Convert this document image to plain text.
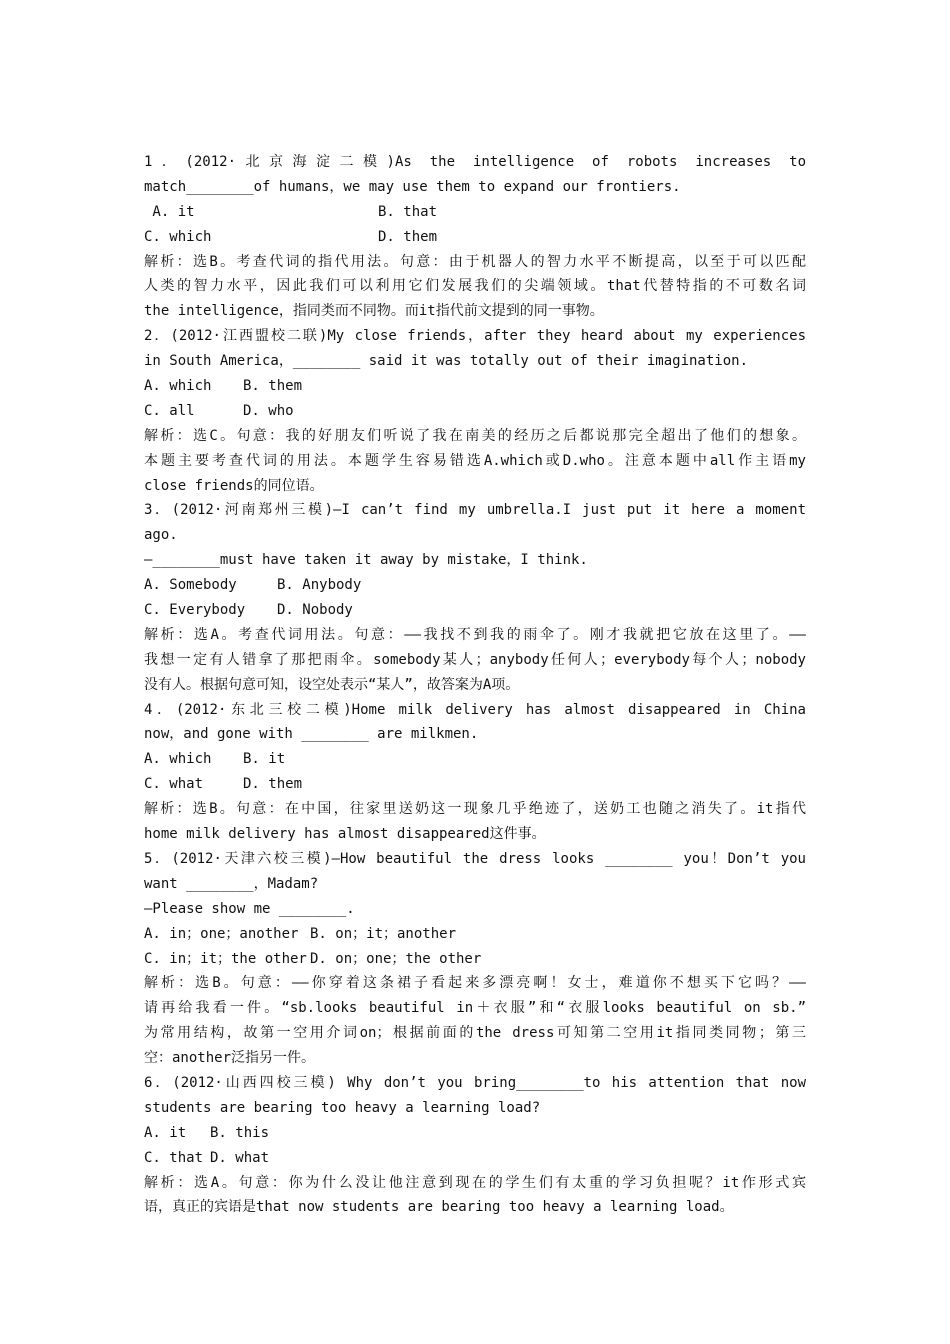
1．(2012·北京海淀二模)As the intelligence of robots increases to
match________of humans，we may use them to expand our frontiers.
A. it	B. that
C. which	D. them
解析：选B。考查代词的指代用法。句意：由于机器人的智力水平不断提高，以至于可以匹配
人类的智力水平，因此我们可以利用它们发展我们的尖端领域。that代替特指的不可数名词
the intelligence，指同类而不同物。而it指代前文提到的同一事物。
2．(2012·江西盟校二联)My close friends，after they heard about my experiences
in South America，________ said it was totally out of their imagination.
A. which	B. them
C. all	D. who
解析：选C。句意：我的好朋友们听说了我在南美的经历之后都说那完全超出了他们的想象。
本题主要考查代词的用法。本题学生容易错选A.which或D.who。注意本题中all作主语my
close friends的同位语。
3．(2012·河南郑州三模)—I can’t find my umbrella.I just put it here a moment
ago.
—________must have taken it away by mistake，I think.
A. Somebody	B. Anybody
C. Everybody	D. Nobody
解析：选A。考查代词用法。句意：——我找不到我的雨伞了。刚才我就把它放在这里了。——
我想一定有人错拿了那把雨伞。somebody某人；anybody任何人；everybody每个人；nobody
没有人。根据句意可知，设空处表示“某人”，故答案为A项。
4．(2012·东北三校二模)Home milk delivery has almost disappeared in China
now，and gone with ________ are milkmen.
A. which	B. it
C. what	D. them
解析：选B。句意：在中国，往家里送奶这一现象几乎绝迹了，送奶工也随之消失了。it指代
home milk delivery has almost disappeared这件事。
5．(2012·天津六校三模)—How beautiful the dress looks ________ you！Don’t you
want ________，Madam?
—Please show me ________.
A. in；one；another B. on；it；another
C. in；it；the other D. on；one；the other
解析：选B。句意：——你穿着这条裙子看起来多漂亮啊！女士，难道你不想买下它吗？——
请再给我看一件。“sb.looks beautiful in＋衣服”和“衣服looks beautiful on sb.”
为常用结构，故第一空用介词on；根据前面的the dress可知第二空用it指同类同物；第三
空：another泛指另一件。
6．(2012·山西四校三模) Why don’t you bring________to his attention that now
students are bearing too heavy a learning load?
A. it	B. this
C. that D. what
解析：选A。句意：你为什么没让他注意到现在的学生们有太重的学习负担呢？it作形式宾
语，真正的宾语是that now students are bearing too heavy a learning load。
